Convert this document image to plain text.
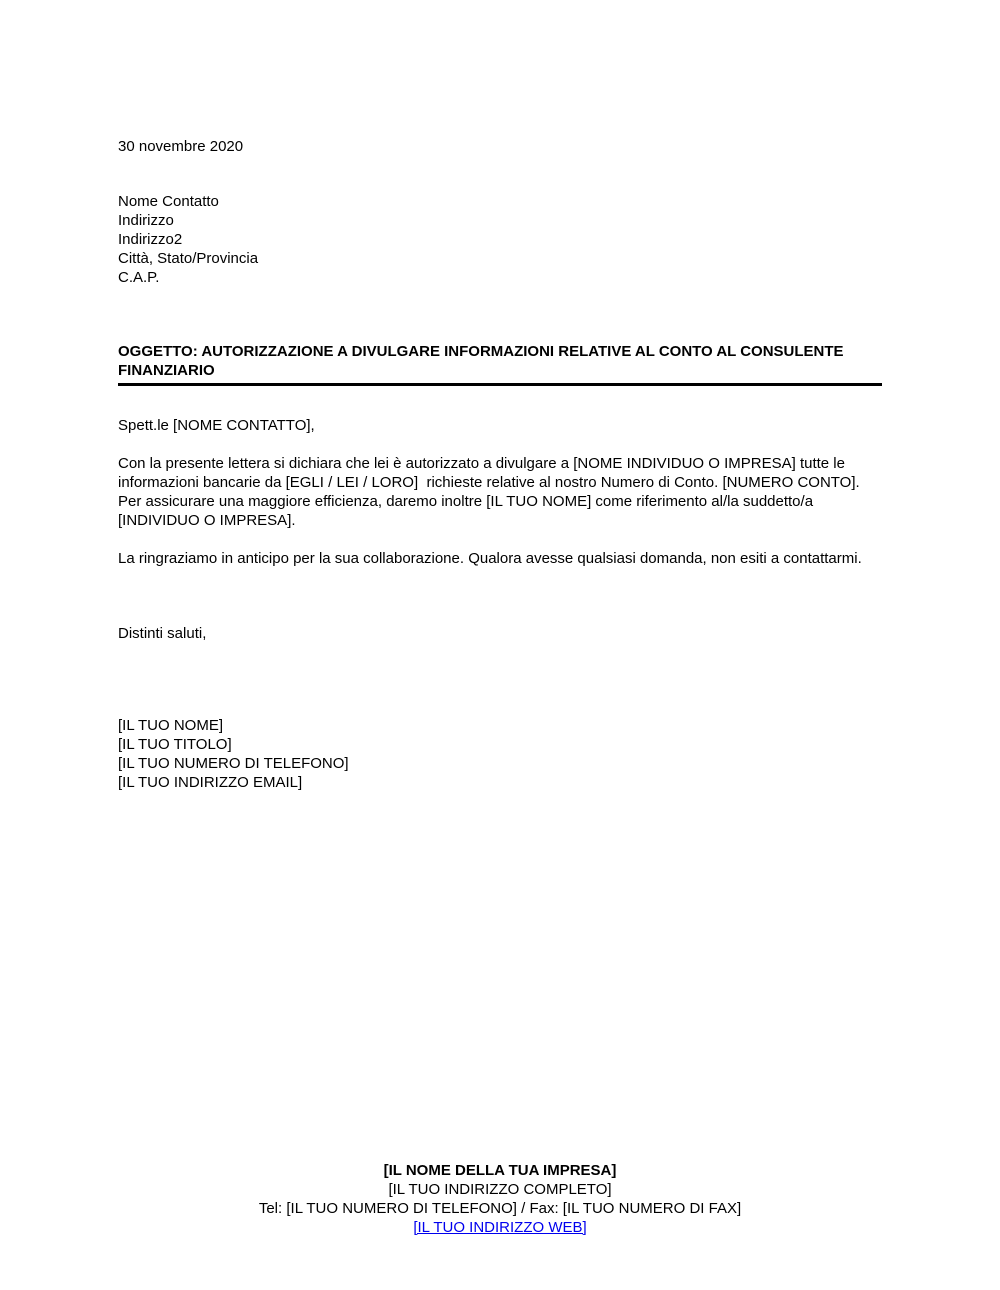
30 novembre 2020
Nome Contatto
Indirizzo
Indirizzo2
Città, Stato/Provincia
C.A.P.
OGGETTO: AUTORIZZAZIONE A DIVULGARE INFORMAZIONI RELATIVE AL CONTO AL CONSULENTE FINANZIARIO
Spett.le [NOME CONTATTO],
Con la presente lettera si dichiara che lei è autorizzato a divulgare a [NOME INDIVIDUO O IMPRESA] tutte le informazioni bancarie da [EGLI / LEI / LORO]  richieste relative al nostro Numero di Conto. [NUMERO CONTO]. Per assicurare una maggiore efficienza, daremo inoltre [IL TUO NOME] come riferimento al/la suddetto/a [INDIVIDUO O IMPRESA].
La ringraziamo in anticipo per la sua collaborazione. Qualora avesse qualsiasi domanda, non esiti a contattarmi.
Distinti saluti,
[IL TUO NOME]
[IL TUO TITOLO]
[IL TUO NUMERO DI TELEFONO]
[IL TUO INDIRIZZO EMAIL]
[IL NOME DELLA TUA IMPRESA]
[IL TUO INDIRIZZO COMPLETO]
Tel: [IL TUO NUMERO DI TELEFONO] / Fax: [IL TUO NUMERO DI FAX]
[IL TUO INDIRIZZO WEB]
